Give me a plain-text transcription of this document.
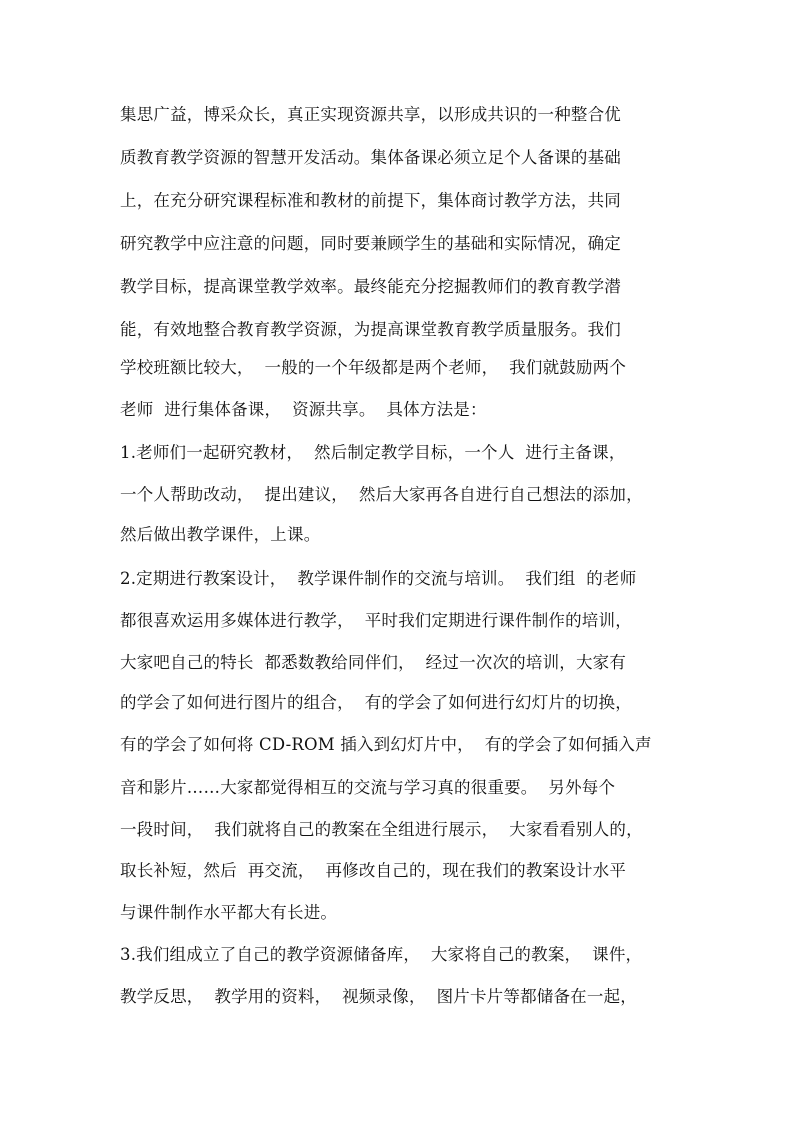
集思广益，博采众长，真正实现资源共享，以形成共识的一种整合优
质教育教学资源的智慧开发活动。集体备课必须立足个人备课的基础
上，在充分研究课程标准和教材的前提下，集体商讨教学方法，共同
研究教学中应注意的问题，同时要兼顾学生的基础和实际情况，确定
教学目标，提高课堂教学效率。最终能充分挖掘教师们的教育教学潜
能，有效地整合教育教学资源，为提高课堂教育教学质量服务。我们
学校班额比较大，  一般的一个年级都是两个老师，  我们就鼓励两个
老师  进行集体备课，  资源共享。  具体方法是：
1.老师们一起研究教材，  然后制定教学目标，一个人  进行主备课，
一个人帮助改动，  提出建议，  然后大家再各自进行自己想法的添加，
然后做出教学课件，上课。
2.定期进行教案设计，  教学课件制作的交流与培训。  我们组  的老师
都很喜欢运用多媒体进行教学，  平时我们定期进行课件制作的培训，
大家吧自己的特长  都悉数教给同伴们，  经过一次次的培训，大家有
的学会了如何进行图片的组合，  有的学会了如何进行幻灯片的切换，
有的学会了如何将 CD-ROM 插入到幻灯片中，  有的学会了如何插入声
音和影片……大家都觉得相互的交流与学习真的很重要。  另外每个
一段时间，  我们就将自己的教案在全组进行展示，  大家看看别人的，
取长补短，然后  再交流，  再修改自己的，现在我们的教案设计水平
与课件制作水平都大有长进。
3.我们组成立了自己的教学资源储备库，  大家将自己的教案，  课件，
教学反思，  教学用的资料，  视频录像，  图片卡片等都储备在一起，
